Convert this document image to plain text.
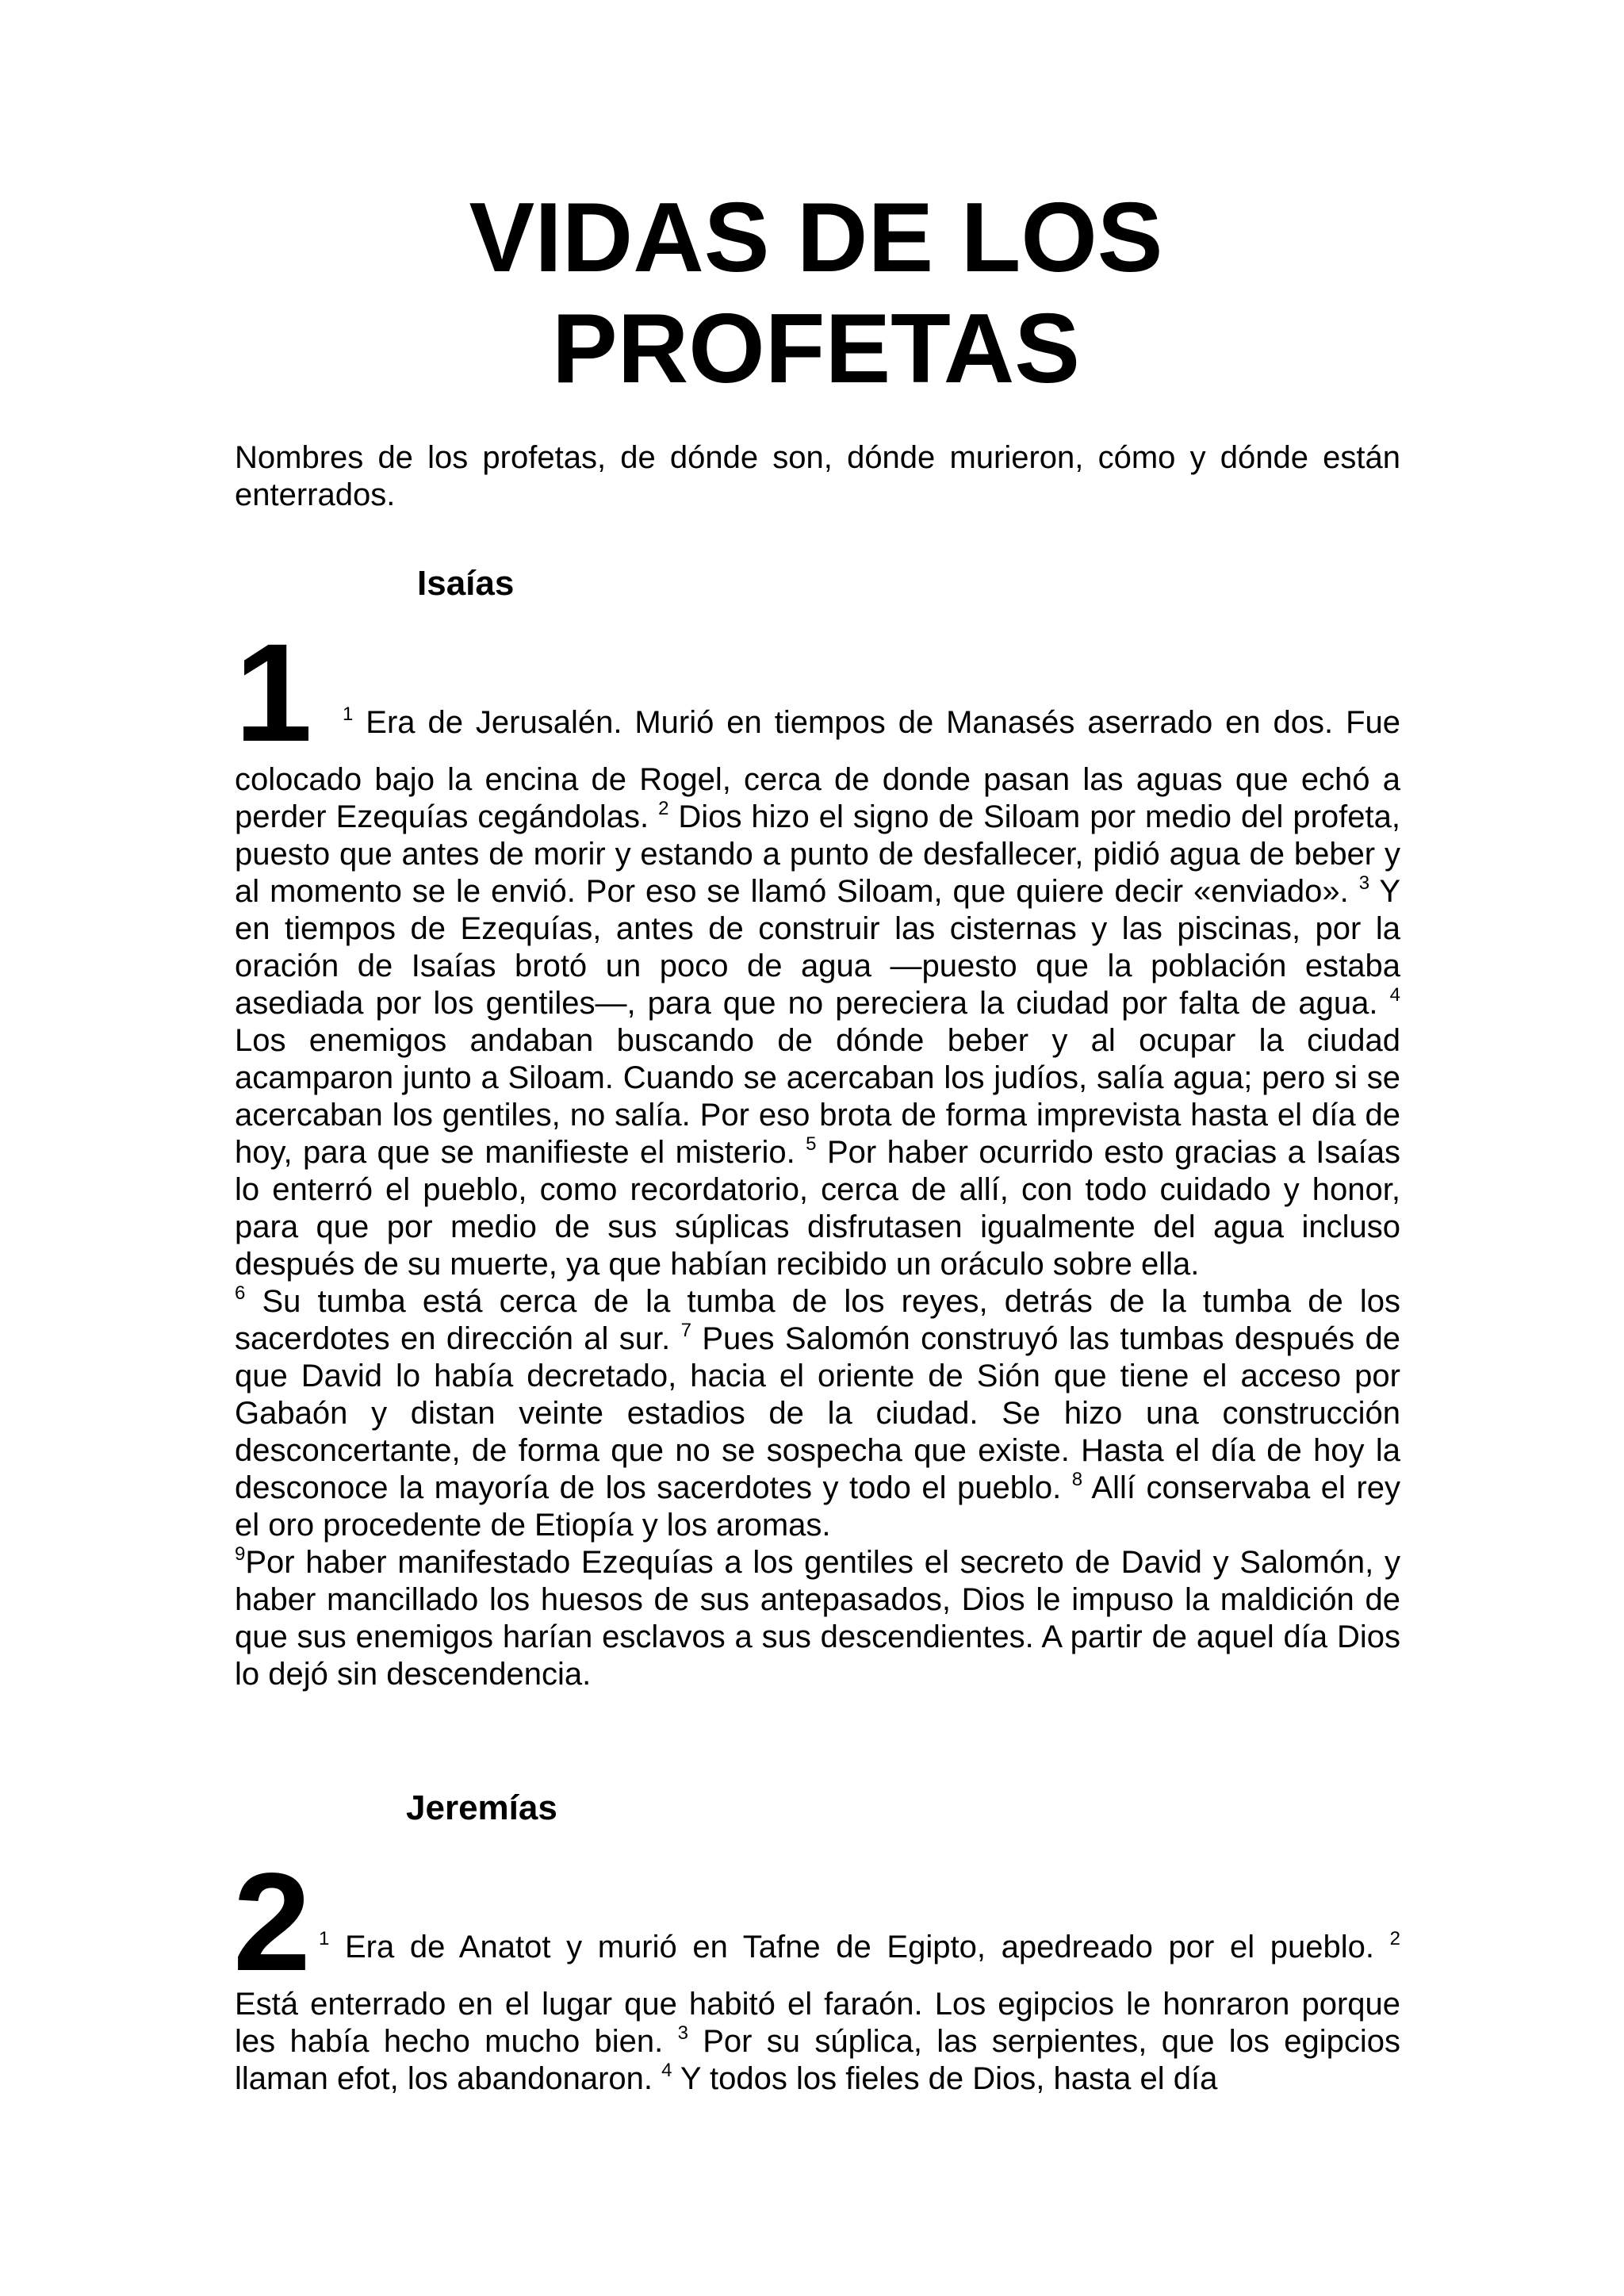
VIDAS DE LOS
PROFETAS

Nombres de los profetas, de dónde son, dónde murieron, cómo y dónde están enterrados.

Isaías
1 $^1$ Era de Jerusalén. Murió en tiempos de Manasés aserrado en dos. Fue

colocado bajo la encina de Rogel, cerca de donde pasan las aguas que echó a perder Ezequías cegándolas. $^2$ Dios hizo el signo de Siloam por medio del profeta, puesto que antes de morir y estando a punto de desfallecer, pidió agua de beber y al momento se le envió. Por eso se llamó Siloam, que quiere decir «enviado». $^3$ Y en tiempos de Ezequías, antes de construir las cisternas y las piscinas, por la oración de Isaías brotó un poco de agua —puesto que la población estaba asediada por los gentiles—, para que no pereciera la ciudad por falta de agua. $^4$ Los enemigos andaban buscando de dónde beber y al ocupar la ciudad acamparon junto a Siloam. Cuando se acercaban los judíos, salía agua; pero si se acercaban los gentiles, no salía. Por eso brota de forma imprevista hasta el día de hoy, para que se manifieste el misterio. $^5$ Por haber ocurrido esto gracias a Isaías lo enterró el pueblo, como recordatorio, cerca de allí, con todo cuidado y honor, para que por medio de sus súplicas disfrutasen igualmente del agua incluso después de su muerte, ya que habían recibido un oráculo sobre ella.

$^6$ Su tumba está cerca de la tumba de los reyes, detrás de la tumba de los sacerdotes en dirección al sur. $^7$ Pues Salomón construyó las tumbas después de que David lo había decretado, hacia el oriente de Sión que tiene el acceso por Gabaón y distan veinte estadios de la ciudad. Se hizo una construcción desconcertante, de forma que no se sospecha que existe. Hasta el día de hoy la desconoce la mayoría de los sacerdotes y todo el pueblo. $^8$ Allí conservaba el rey el oro procedente de Etiopía y los aromas.

$^9$Por haber manifestado Ezequías a los gentiles el secreto de David y Salomón, y haber mancillado los huesos de sus antepasados, Dios le impuso la maldición de que sus enemigos harían esclavos a sus descendientes. A partir de aquel día Dios lo dejó sin descendencia.

Jeremías
2 $^1$ Era de Anatot y murió en Tafne de Egipto, apedreado por el pueblo. $^2$

Está enterrado en el lugar que habitó el faraón. Los egipcios le honraron porque les había hecho mucho bien. $^3$ Por su súplica, las serpientes, que los egipcios llaman efot, los abandonaron. $^4$ Y todos los fieles de Dios, hasta el día
